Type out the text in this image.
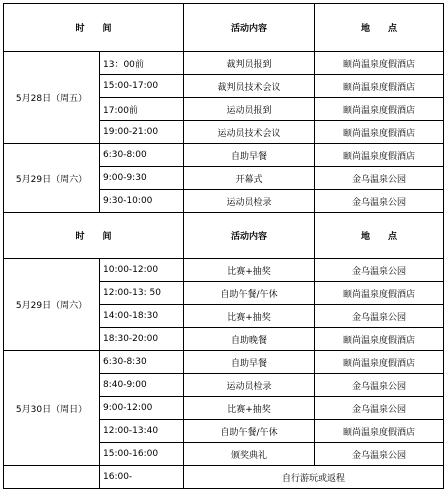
时　　间		活动内容	地　　点
5月28日（周五）	13：00前	裁判员报到	颐尚温泉度假酒店
	15:00-17:00	裁判员技术会议	颐尚温泉度假酒店
	17:00前	运动员报到	颐尚温泉度假酒店
	19:00-21:00	运动员技术会议	颐尚温泉度假酒店
5月29日（周六）	6:30-8:00	自助早餐	颐尚温泉度假酒店
	9:00-9:30	开幕式	金乌温泉公园
	9:30-10:00	运动员检录	金乌温泉公园
时　　间		活动内容	地　　点
5月29日（周六）	10:00-12:00	比赛+抽奖	金乌温泉公园
	12:00-13: 50	自助午餐/午休	颐尚温泉度假酒店
	14:00-18:30	比赛+抽奖	金乌温泉公园
	18:30-20:00	自助晚餐	颐尚温泉度假酒店
5月30日（周日）	6:30-8:30	自助早餐	颐尚温泉度假酒店
	8:40-9:00	运动员检录	金乌温泉公园
	9:00-12:00	比赛+抽奖	金乌温泉公园
	12:00-13:40	自助午餐/午休	颐尚温泉度假酒店
	15:00-16:00	颁奖典礼	金乌温泉公园
	16:00-	自行游玩或返程	
